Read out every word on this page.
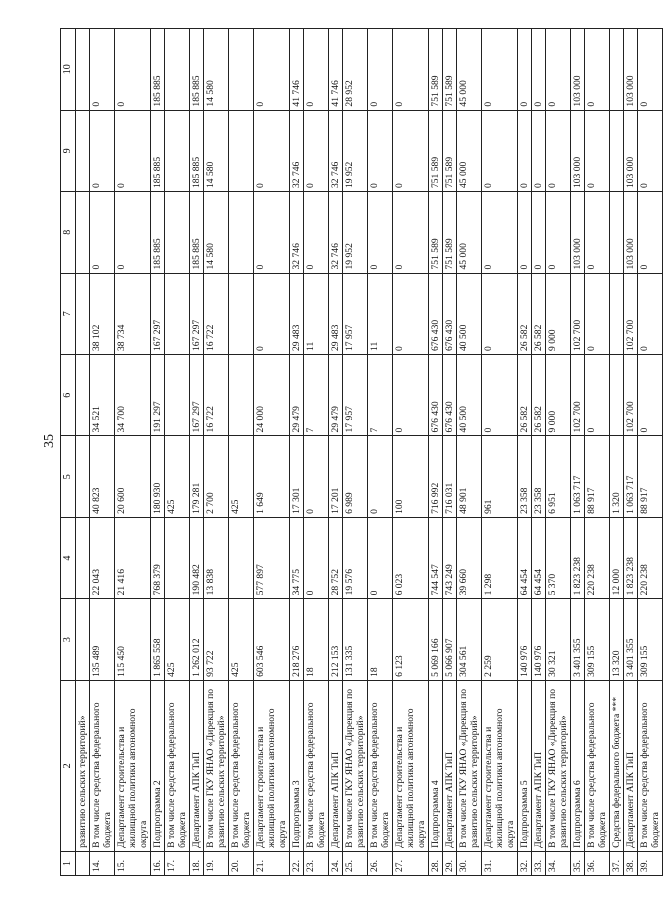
35
1	2	3	4	5	6	7	8	9	10
	развитию сельских территорий»								
14.	В том числе средства федерального бюджета	135 489	22 043	40 823	34 521	38 102	0	0	0
15.	Департамент строительства и жилищной политики автономного округа	115 450	21 416	20 600	34 700	38 734	0	0	0
16.	Подпрограмма 2	1 865 558	768 379	180 930	191 297	167 297	185 885	185 885	185 885
17.	В том числе средства федерального бюджета	425		425					
18.	Департамент АПК ТиП	1 262 012	190 482	179 281	167 297	167 297	185 885	185 885	185 885
19.	В том числе ГКУ ЯНАО «Дирекция по развитию сельских территорий»	93 722	13 838	2 700	16 722	16 722	14 580	14 580	14 580
20.	В том числе средства федерального бюджета	425		425					
21.	Департамент строительства и жилищной политики автономного округа	603 546	577 897	1 649	24 000	0	0	0	0
22.	Подпрограмма 3	218 276	34 775	17 301	29 479	29 483	32 746	32 746	41 746
23.	В том числе средства федерального бюджета	18	0	0	7	11	0	0	0
24.	Департамент АПК ТиП	212 153	28 752	17 201	29 479	29 483	32 746	32 746	41 746
25.	В том числе ГКУ ЯНАО «Дирекция по развитию сельских территорий»	131 335	19 576	6 989	17 957	17 957	19 952	19 952	28 952
26.	В том числе средства федерального бюджета	18	0	0	7	11	0	0	0
27.	Департамент строительства и жилищной политики автономного округа	6 123	6 023	100	0	0	0	0	0
28.	Подпрограмма 4	5 069 166	744 547	716 992	676 430	676 430	751 589	751 589	751 589
29.	Департамент АПК ТиП	5 066 907	743 249	716 031	676 430	676 430	751 589	751 589	751 589
30.	В том числе ГКУ ЯНАО «Дирекция по развитию сельских территорий»	304 561	39 660	48 901	40 500	40 500	45 000	45 000	45 000
31.	Департамент строительства и жилищной политики автономного округа	2 259	1 298	961	0	0	0	0	0
32.	Подпрограмма 5	140 976	64 454	23 358	26 582	26 582	0	0	0
33.	Департамент АПК ТиП	140 976	64 454	23 358	26 582	26 582	0	0	0
34.	В том числе ГКУ ЯНАО «Дирекция по развитию сельских территорий»	30 321	5 370	6 951	9 000	9 000	0	0	0
35.	Подпрограмма 6	3 401 355	1 823 238	1 063 717	102 700	102 700	103 000	103 000	103 000
36.	В том числе средства федерального бюджета	309 155	220 238	88 917	0	0	0	0	0
37.	Средства федерального бюджета ***	13 320	12 000	1 320					
38.	Департамент АПК ТиП	3 401 355	1 823 238	1 063 717	102 700	102 700	103 000	103 000	103 000
39.	В том числе средства федерального бюджета	309 155	220 238	88 917	0	0	0	0	0
